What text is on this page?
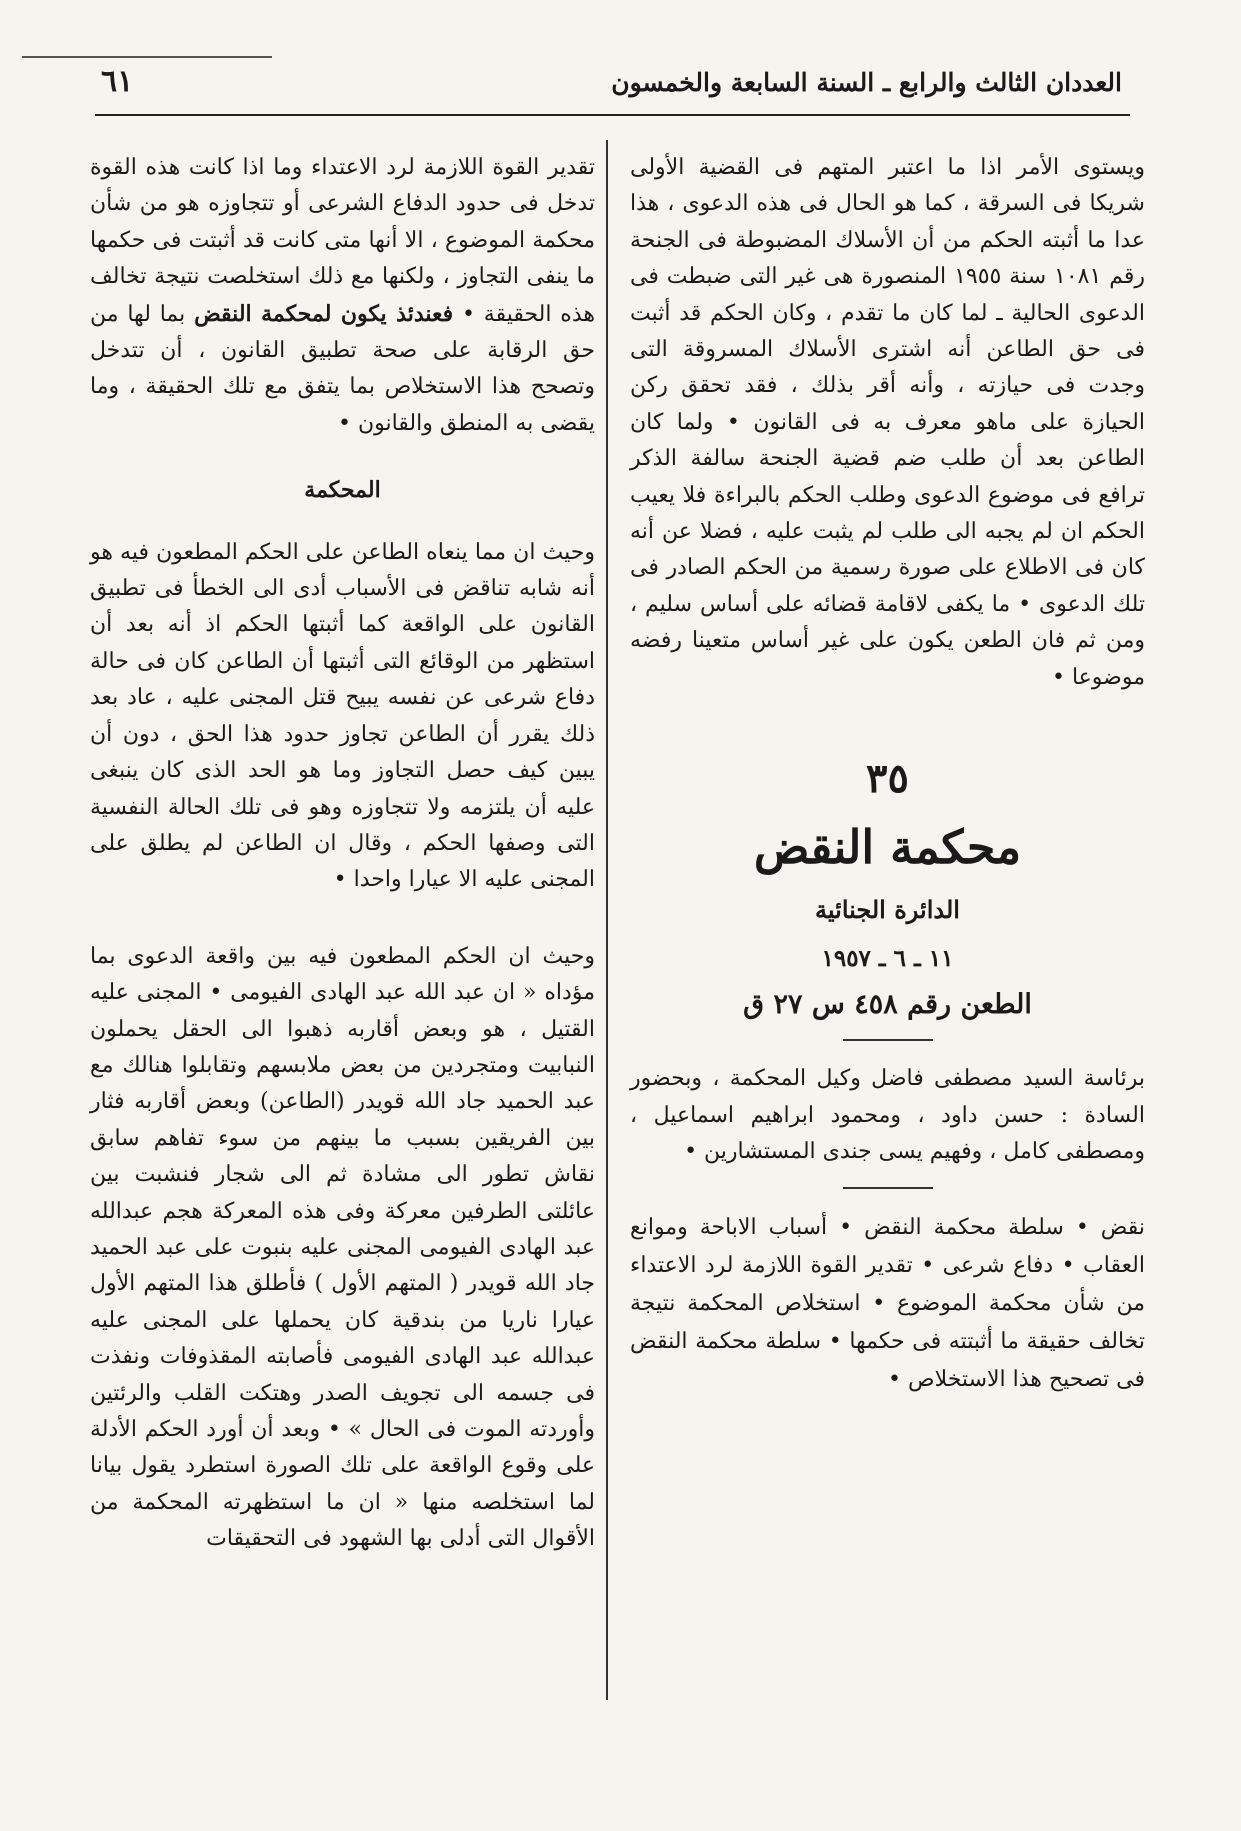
العددان الثالث والرابع ـ السنة السابعة والخمسون
٦١

ويستوى الأمر اذا ما اعتبر المتهم فى القضية الأولى شريكا فى السرقة ، كما هو الحال فى هذه الدعوى ، هذا عدا ما أثبته الحكم من أن الأسلاك المضبوطة فى الجنحة رقم ١٠٨١ سنة ١٩٥٥ المنصورة هى غير التى ضبطت فى الدعوى الحالية ـ لما كان ما تقدم ، وكان الحكم قد أثبت فى حق الطاعن أنه اشترى الأسلاك المسروقة التى وجدت فى حيازته ، وأنه أقر بذلك ، فقد تحقق ركن الحيازة على ماهو معرف به فى القانون • ولما كان الطاعن بعد أن طلب ضم قضية الجنحة سالفة الذكر ترافع فى موضوع الدعوى وطلب الحكم بالبراءة فلا يعيب الحكم ان لم يجبه الى طلب لم يثبت عليه ، فضلا عن أنه كان فى الاطلاع على صورة رسمية من الحكم الصادر فى تلك الدعوى • ما يكفى لاقامة قضائه على أساس سليم ، ومن ثم فان الطعن يكون على غير أساس متعينا رفضه موضوعا •

٣٥
محكمة النقض
الدائرة الجنائية
١١ ـ ٦ ـ ١٩٥٧
الطعن رقم ٤٥٨ س ٢٧ ق

برئاسة السيد مصطفى فاضل وكيل المحكمة ، وبحضور السادة : حسن داود ، ومحمود ابراهيم اسماعيل ، ومصطفى كامل ، وفهيم يسى جندى المستشارين •

نقض • سلطة محكمة النقض • أسباب الاباحة وموانع العقاب • دفاع شرعى • تقدير القوة اللازمة لرد الاعتداء من شأن محكمة الموضوع • استخلاص المحكمة نتيجة تخالف حقيقة ما أثبتته فى حكمها • سلطة محكمة النقض فى تصحيح هذا الاستخلاص •

تقدير القوة اللازمة لرد الاعتداء وما اذا كانت هذه القوة تدخل فى حدود الدفاع الشرعى أو تتجاوزه هو من شأن محكمة الموضوع ، الا أنها متى كانت قد أثبتت فى حكمها ما ينفى التجاوز ، ولكنها مع ذلك استخلصت نتيجة تخالف هذه الحقيقة • فعندئذ يكون لمحكمة النقض بما لها من حق الرقابة على صحة تطبيق القانون ، أن تتدخل وتصحح هذا الاستخلاص بما يتفق مع تلك الحقيقة ، وما يقضى به المنطق والقانون •

المحكمة

وحيث ان مما ينعاه الطاعن على الحكم المطعون فيه هو أنه شابه تناقض فى الأسباب أدى الى الخطأ فى تطبيق القانون على الواقعة كما أثبتها الحكم اذ أنه بعد أن استظهر من الوقائع التى أثبتها أن الطاعن كان فى حالة دفاع شرعى عن نفسه يبيح قتل المجنى عليه ، عاد بعد ذلك يقرر أن الطاعن تجاوز حدود هذا الحق ، دون أن يبين كيف حصل التجاوز وما هو الحد الذى كان ينبغى عليه أن يلتزمه ولا تتجاوزه وهو فى تلك الحالة النفسية التى وصفها الحكم ، وقال ان الطاعن لم يطلق على المجنى عليه الا عيارا واحدا •

وحيث ان الحكم المطعون فيه بين واقعة الدعوى بما مؤداه « ان عبد الله عبد الهادى الفيومى • المجنى عليه القتيل ، هو وبعض أقاربه ذهبوا الى الحقل يحملون النبابيت ومتجردين من بعض ملابسهم وتقابلوا هنالك مع عبد الحميد جاد الله قويدر (الطاعن) وبعض أقاربه فثار بين الفريقين بسبب ما بينهم من سوء تفاهم سابق نقاش تطور الى مشادة ثم الى شجار فنشبت بين عائلتى الطرفين معركة وفى هذه المعركة هجم عبدالله عبد الهادى الفيومى المجنى عليه بنبوت على عبد الحميد جاد الله قويدر ( المتهم الأول ) فأطلق هذا المتهم الأول عيارا ناريا من بندقية كان يحملها على المجنى عليه عبدالله عبد الهادى الفيومى فأصابته المقذوفات ونفذت فى جسمه الى تجويف الصدر وهتكت القلب والرئتين وأوردته الموت فى الحال » • وبعد أن أورد الحكم الأدلة على وقوع الواقعة على تلك الصورة استطرد يقول بيانا لما استخلصه منها « ان ما استظهرته المحكمة من الأقوال التى أدلى بها الشهود فى التحقيقات
